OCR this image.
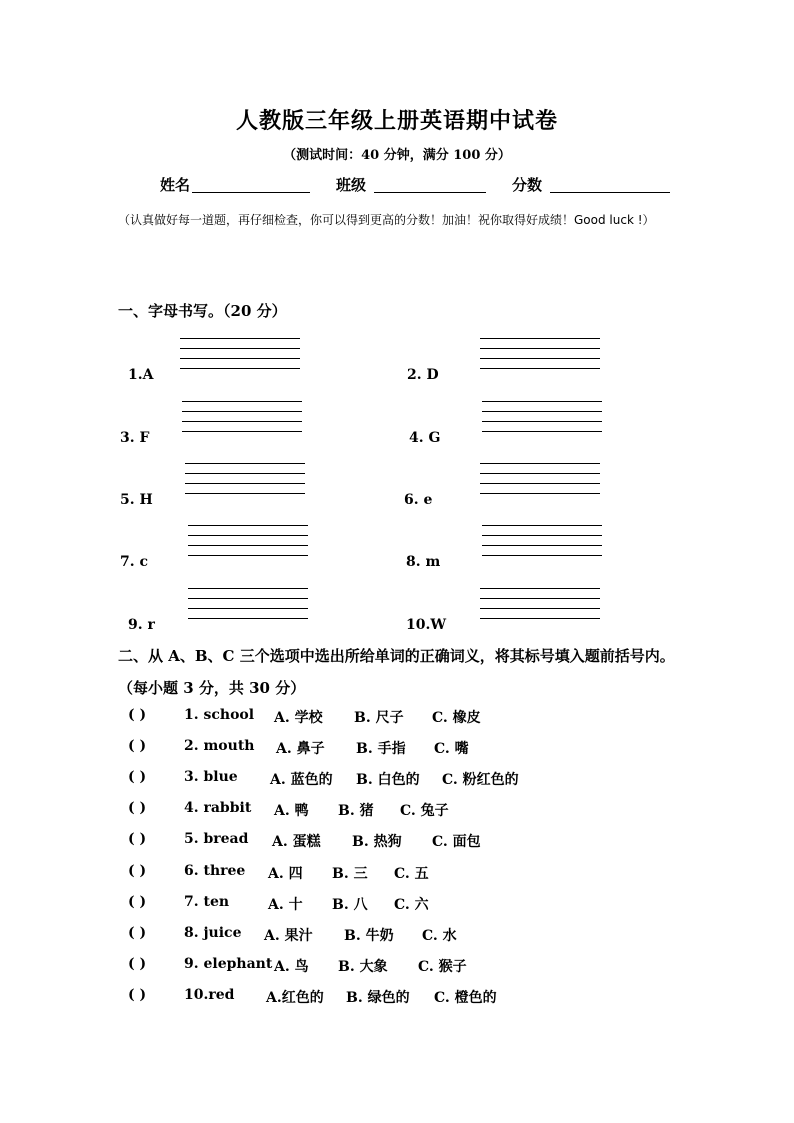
人教版三年级上册英语期中试卷
（测试时间：40 分钟，满分 100 分）
姓名	班级	分数
（认真做好每一道题，再仔细检查，你可以得到更高的分数！加油！祝你取得好成绩！Good luck !）
一、字母书写。（20 分）
1.A	2. D
3. F	4. G
5. H	6. e
7. c	8. m
9. r	10.W
二、从 A、B、C 三个选项中选出所给单词的正确词义，将其标号填入题前括号内。（每小题 3 分，共 30 分）
( )	1. school A. 学校 B. 尺子 C. 橡皮
( )	2. mouth A. 鼻子 B. 手指 C. 嘴
( )	3. blue A. 蓝色的 B. 白色的 C. 粉红色的
( )	4. rabbit A. 鸭 B. 猪 C. 兔子
( )	5. bread A. 蛋糕 B. 热狗 C. 面包
( )	6. three A. 四 B. 三 C. 五
( )	7. ten	A. 十 B. 八 C. 六
( )	8. juice A. 果汁 B. 牛奶 C. 水
( )	9. elephant A. 鸟 B. 大象 C. 猴子
( )	10.red A.红色的 B. 绿色的 C. 橙色的
